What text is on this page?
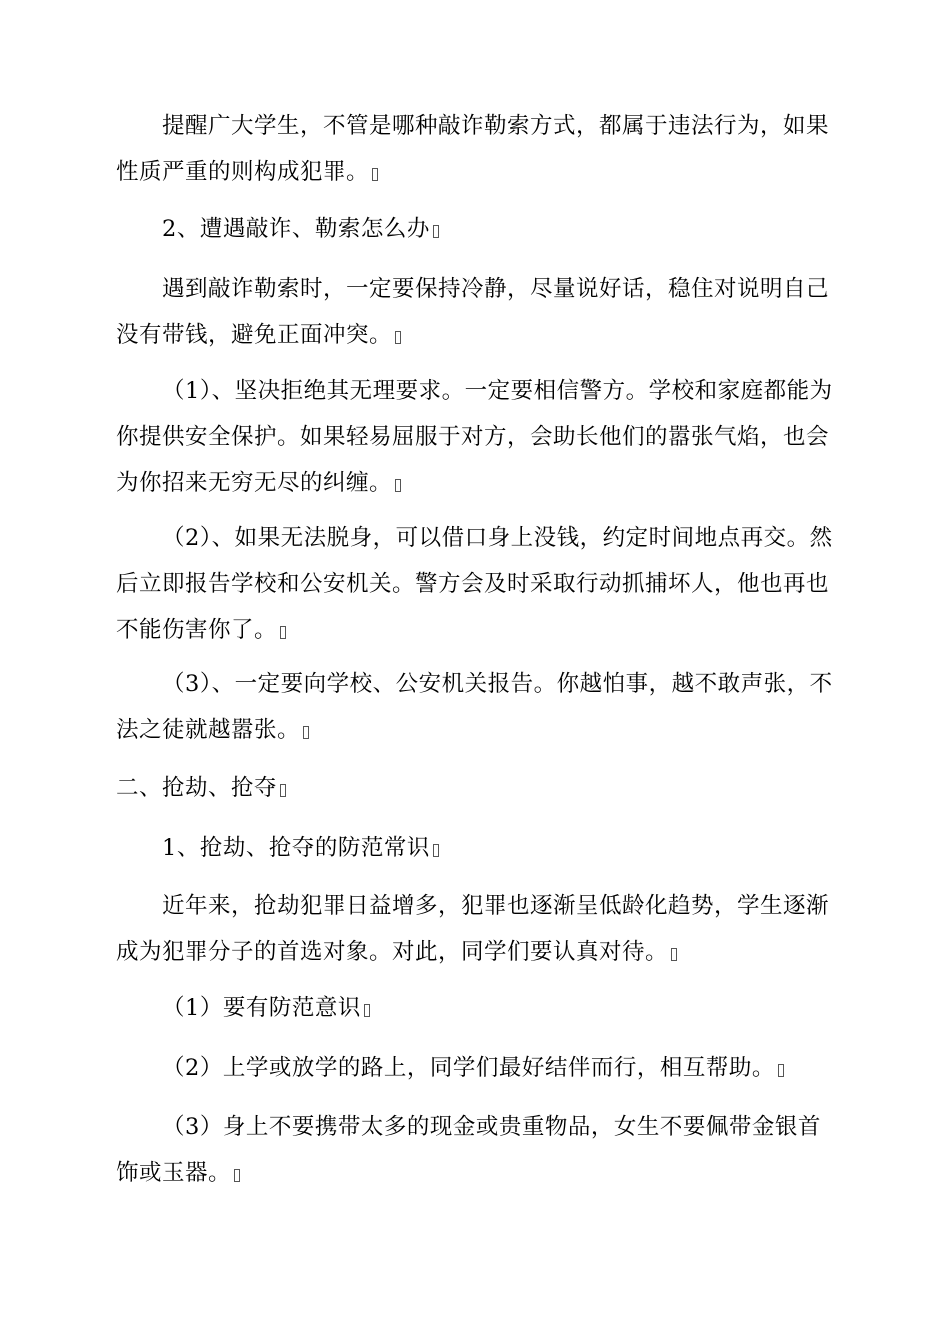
提醒广大学生，不管是哪种敲诈勒索方式，都属于违法行为，如果性质严重的则构成犯罪。
2、遭遇敲诈、勒索怎么办
遇到敲诈勒索时，一定要保持冷静，尽量说好话，稳住对说明自己没有带钱，避免正面冲突。
（1）、坚决拒绝其无理要求。一定要相信警方。学校和家庭都能为你提供安全保护。如果轻易屈服于对方，会助长他们的嚣张气焰，也会为你招来无穷无尽的纠缠。
（2）、如果无法脱身，可以借口身上没钱，约定时间地点再交。然后立即报告学校和公安机关。警方会及时采取行动抓捕坏人，他也再也不能伤害你了。
（3）、一定要向学校、公安机关报告。你越怕事，越不敢声张，不法之徒就越嚣张。
二、抢劫、抢夺
1、抢劫、抢夺的防范常识
近年来，抢劫犯罪日益增多，犯罪也逐渐呈低龄化趋势，学生逐渐成为犯罪分子的首选对象。对此，同学们要认真对待。
（1）要有防范意识
（2）上学或放学的路上，同学们最好结伴而行，相互帮助。
（3）身上不要携带太多的现金或贵重物品，女生不要佩带金银首饰或玉器。
